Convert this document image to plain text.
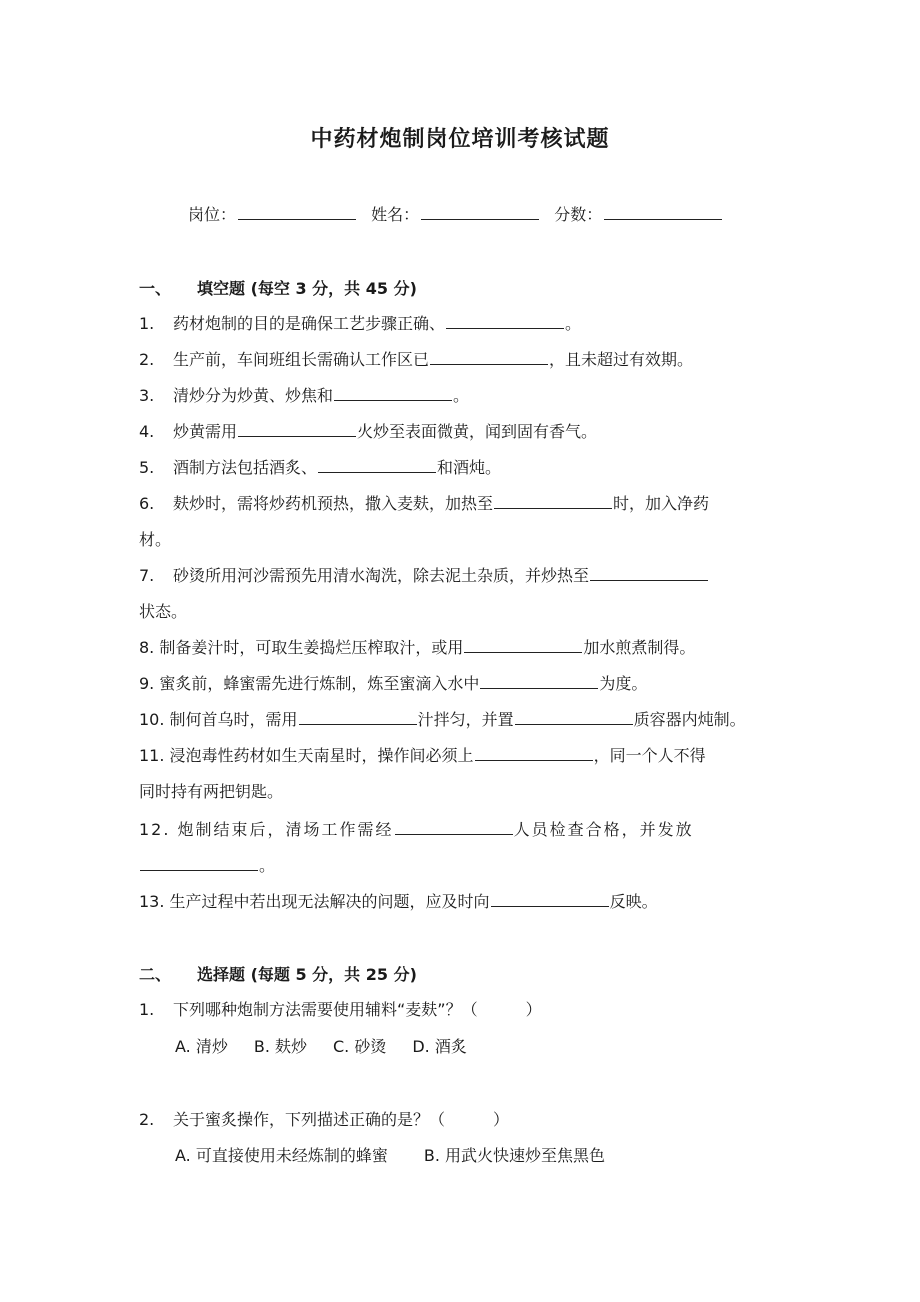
中药材炮制岗位培训考核试题
岗位：	姓名：	分数：
一、 填空题 (每空 3 分，共 45 分)
1. 药材炮制的目的是确保工艺步骤正确、	。
2. 生产前，车间班组长需确认工作区已	，且未超过有效期。
3. 清炒分为炒黄、炒焦和	。
4. 炒黄需用	火炒至表面微黄，闻到固有香气。
5. 酒制方法包括酒炙、	和酒炖。
6. 麸炒时，需将炒药机预热，撒入麦麸，加热至	时，加入净药
材。
7. 砂烫所用河沙需预先用清水淘洗，除去泥土杂质，并炒热至
状态。
8. 制备姜汁时，可取生姜捣烂压榨取汁，或用	加水煎煮制得。
9. 蜜炙前，蜂蜜需先进行炼制，炼至蜜滴入水中	为度。
10. 制何首乌时，需用	汁拌匀，并置	质容器内炖制。
11. 浸泡毒性药材如生天南星时，操作间必须上	，同一个人不得
同时持有两把钥匙。
12. 炮制结束后，清场工作需经	人员检查合格，并发放
。
13. 生产过程中若出现无法解决的问题，应及时向	反映。
二、 选择题 (每题 5 分，共 25 分)
1. 下列哪种炮制方法需要使用辅料“麦麸”？（	）
A. 清炒 B. 麸炒 C. 砂烫 D. 酒炙
2. 关于蜜炙操作，下列描述正确的是？（	）
A. 可直接使用未经炼制的蜂蜜 B. 用武火快速炒至焦黑色
